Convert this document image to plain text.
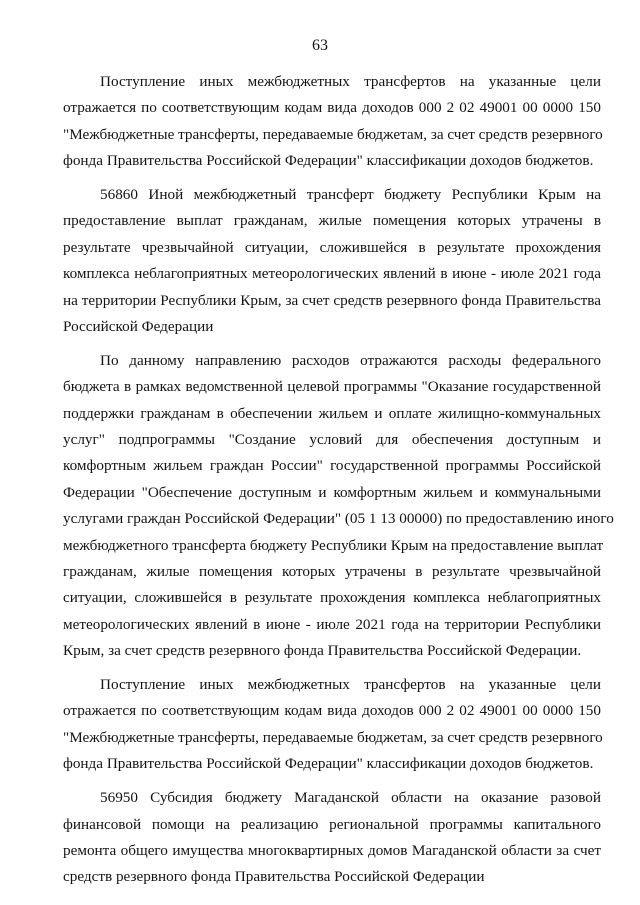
63

Поступление иных межбюджетных трансфертов на указанные цели
отражается по соответствующим кодам вида доходов 000 2 02 49001 00 0000 150
"Межбюджетные трансферты, передаваемые бюджетам, за счет средств резервного
фонда Правительства Российской Федерации" классификации доходов бюджетов.

56860 Иной межбюджетный трансферт бюджету Республики Крым на
предоставление выплат гражданам, жилые помещения которых утрачены в
результате чрезвычайной ситуации, сложившейся в результате прохождения
комплекса неблагоприятных метеорологических явлений в июне - июле 2021 года
на территории Республики Крым, за счет средств резервного фонда Правительства
Российской Федерации

По данному направлению расходов отражаются расходы федерального
бюджета в рамках ведомственной целевой программы "Оказание государственной
поддержки гражданам в обеспечении жильем и оплате жилищно-коммунальных
услуг" подпрограммы "Создание условий для обеспечения доступным и
комфортным жильем граждан России" государственной программы Российской
Федерации "Обеспечение доступным и комфортным жильем и коммунальными
услугами граждан Российской Федерации" (05 1 13 00000) по предоставлению иного
межбюджетного трансферта бюджету Республики Крым на предоставление выплат
гражданам, жилые помещения которых утрачены в результате чрезвычайной
ситуации, сложившейся в результате прохождения комплекса неблагоприятных
метеорологических явлений в июне - июле 2021 года на территории Республики
Крым, за счет средств резервного фонда Правительства Российской Федерации.

Поступление иных межбюджетных трансфертов на указанные цели
отражается по соответствующим кодам вида доходов 000 2 02 49001 00 0000 150
"Межбюджетные трансферты, передаваемые бюджетам, за счет средств резервного
фонда Правительства Российской Федерации" классификации доходов бюджетов.

56950 Субсидия бюджету Магаданской области на оказание разовой
финансовой помощи на реализацию региональной программы капитального
ремонта общего имущества многоквартирных домов Магаданской области за счет
средств резервного фонда Правительства Российской Федерации
